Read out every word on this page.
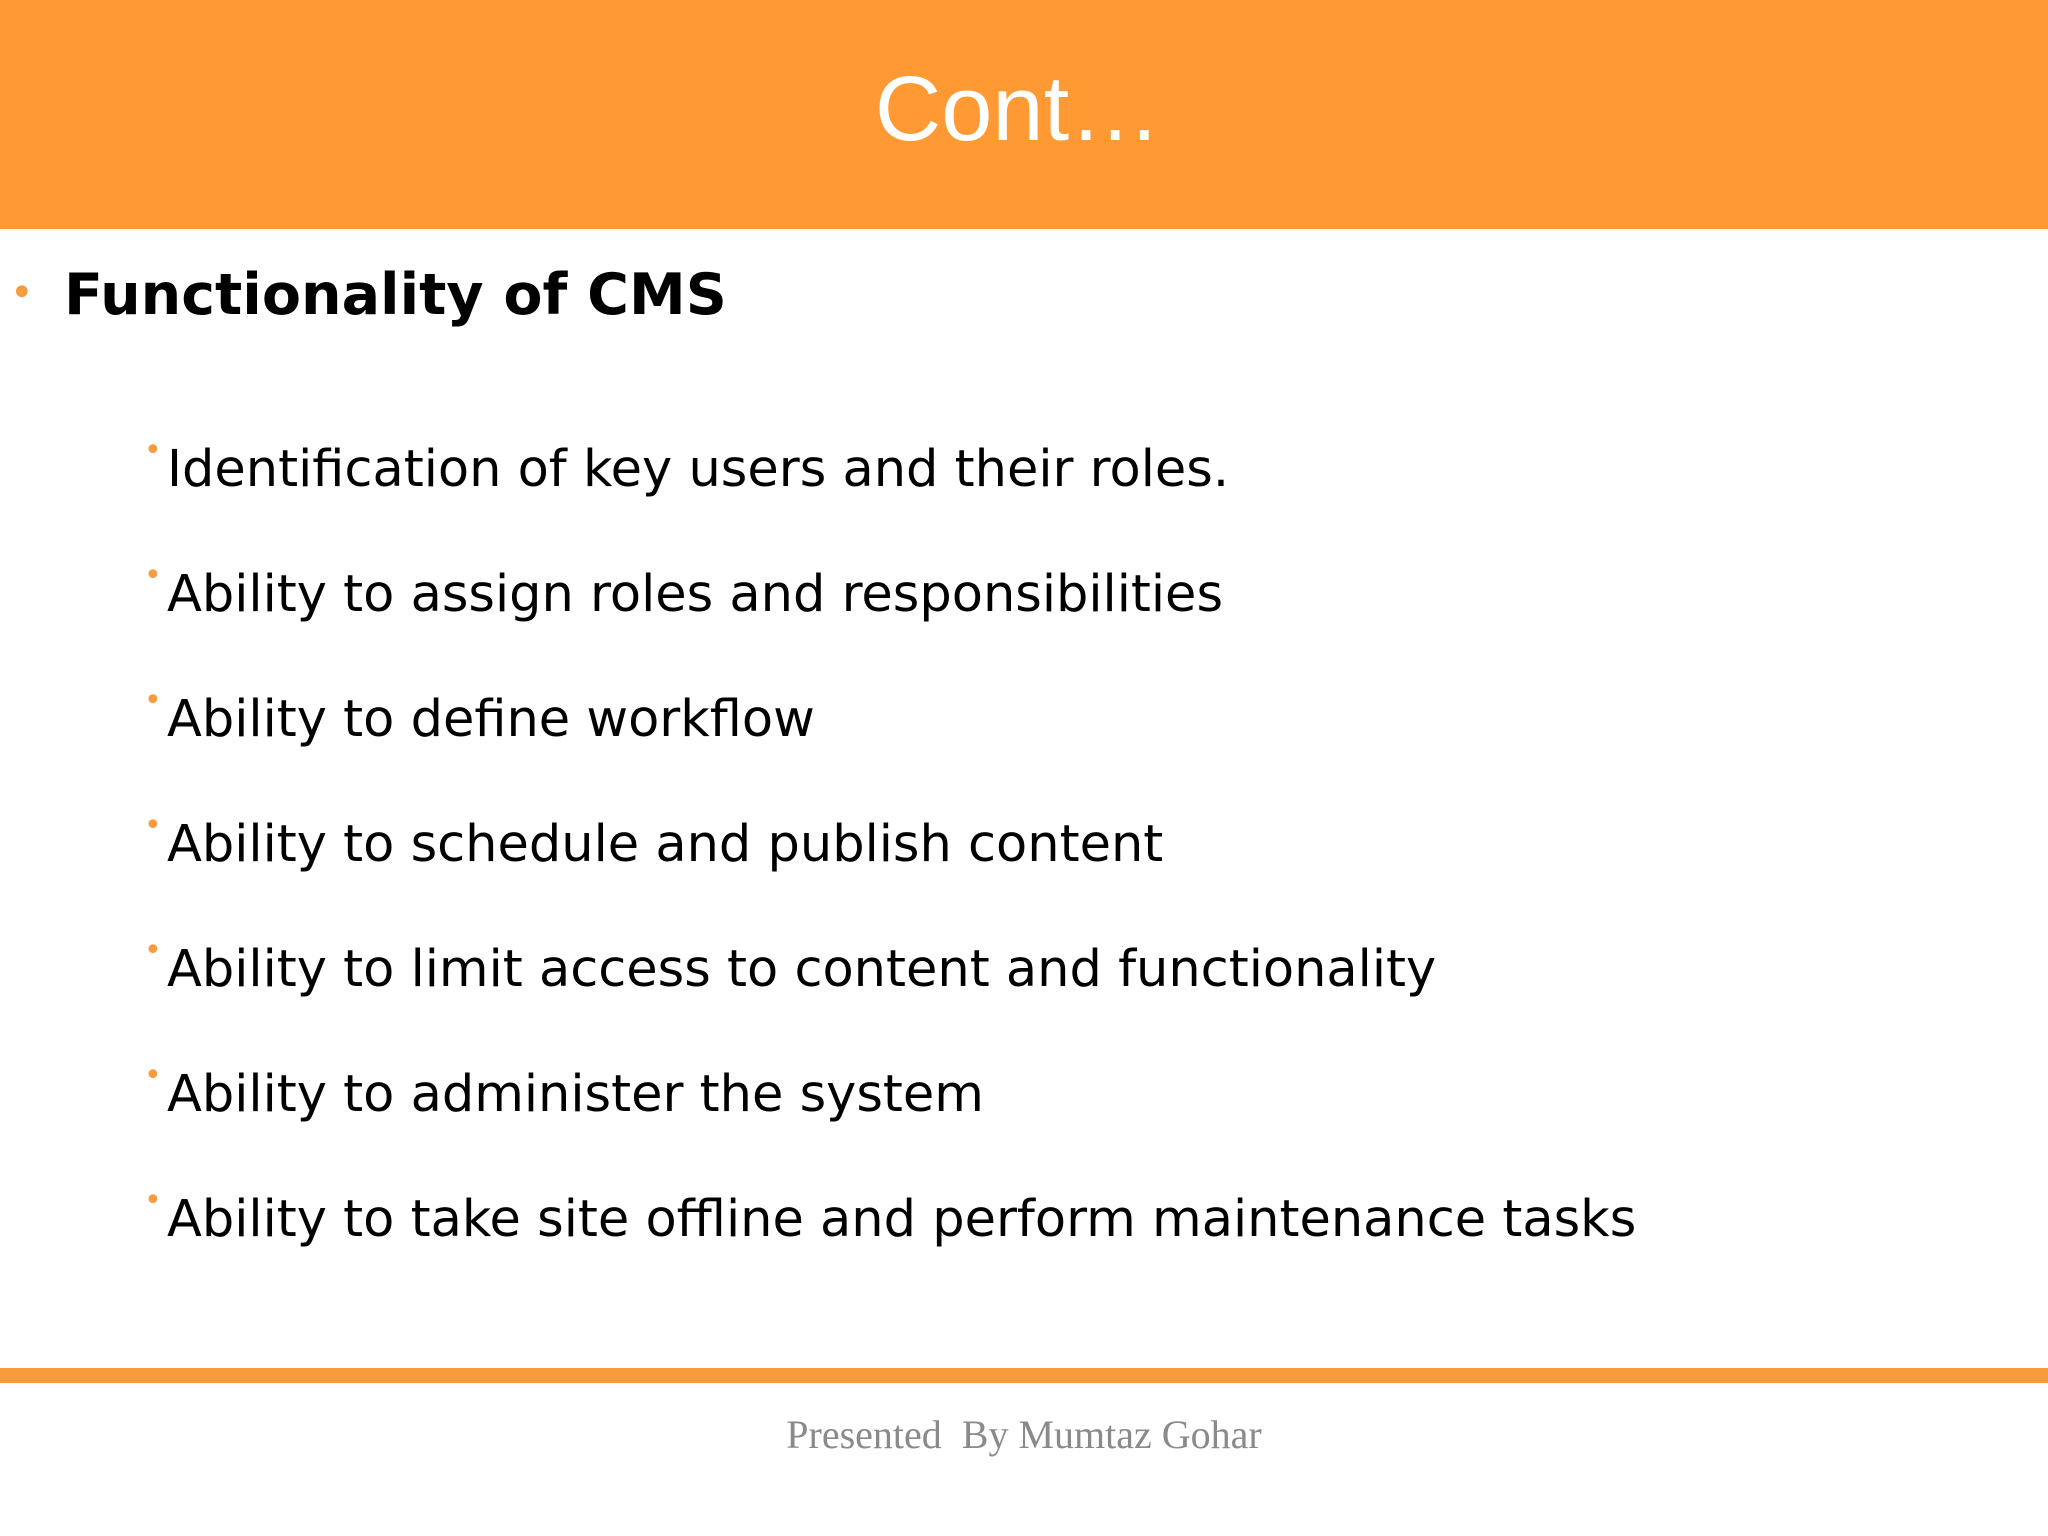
Cont…
• Functionality of CMS
• Identification of key users and their roles.
• Ability to assign roles and responsibilities
• Ability to define workflow
• Ability to schedule and publish content
• Ability to limit access to content and functionality
• Ability to administer the system
• Ability to take site offline and perform maintenance tasks
Presented  By Mumtaz Gohar
